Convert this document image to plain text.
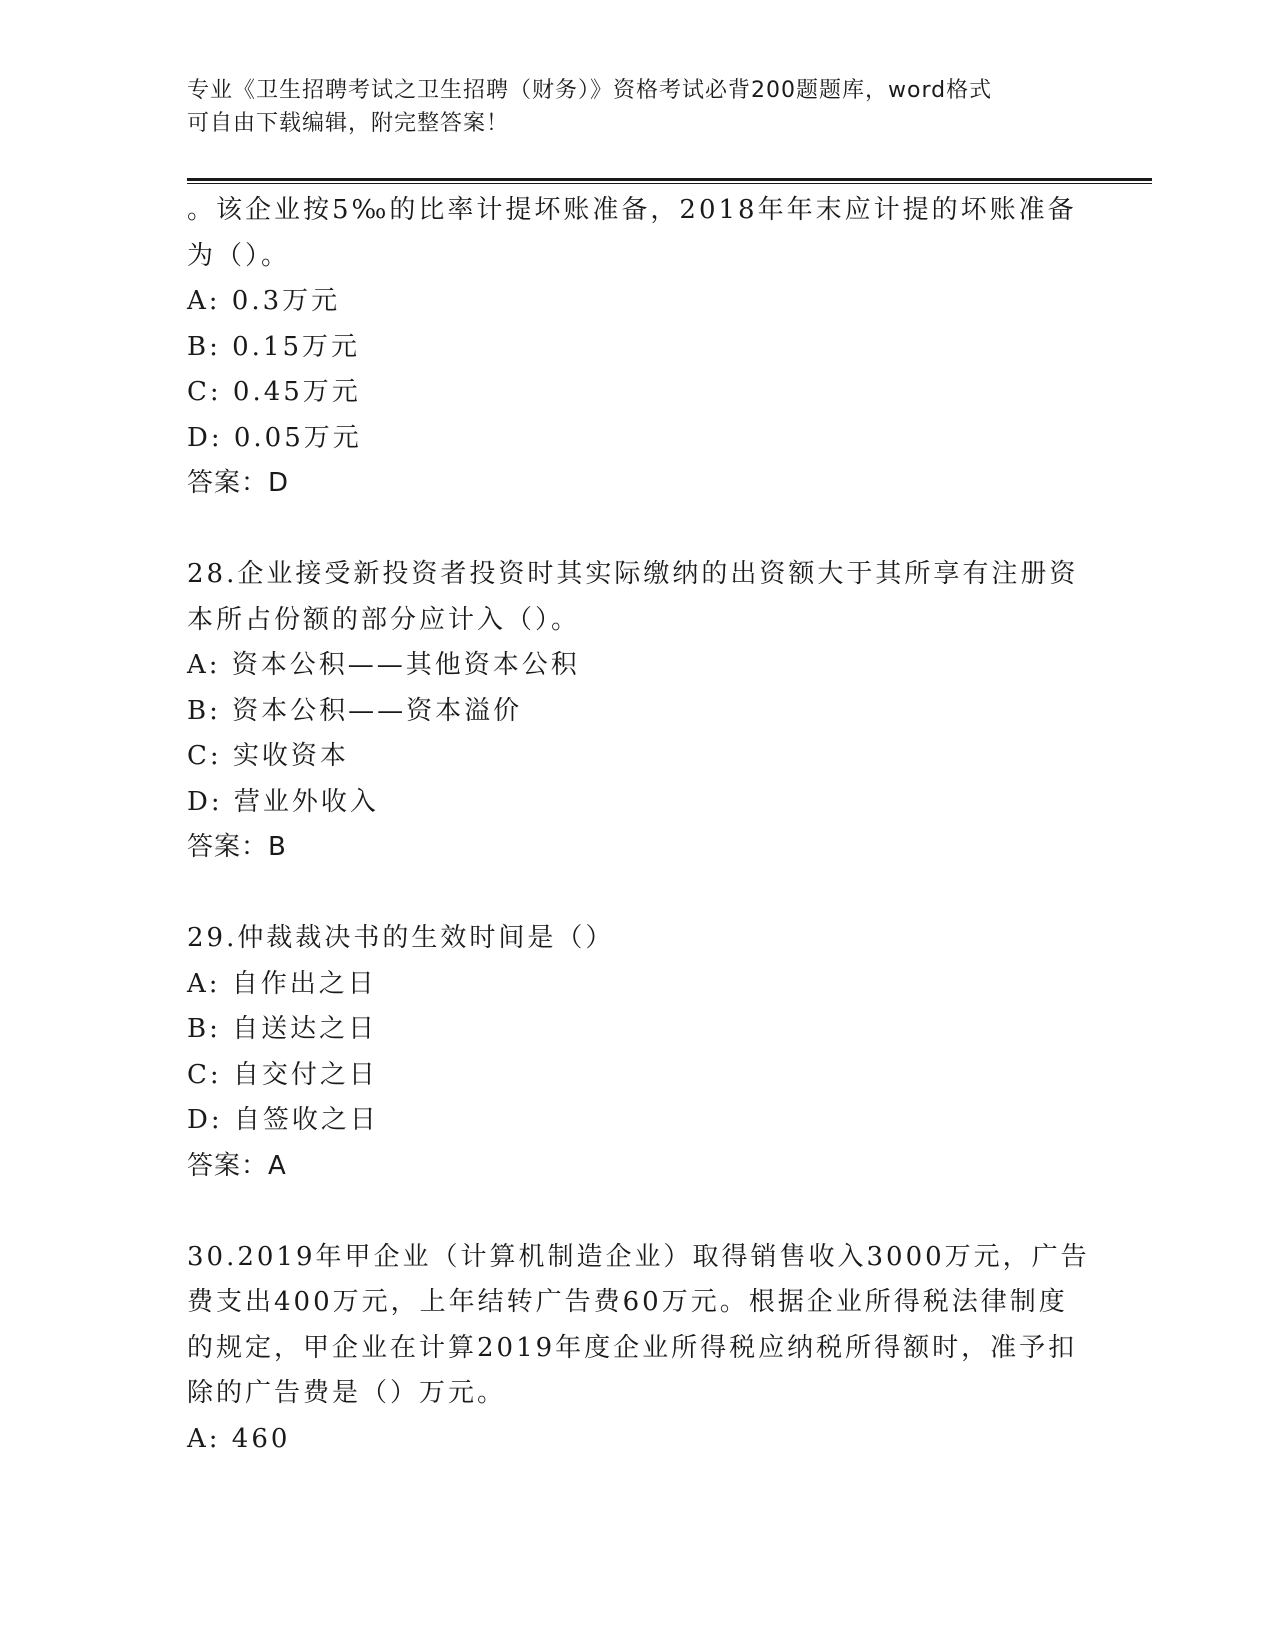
专业《卫生招聘考试之卫生招聘（财务）》资格考试必背200题题库，word格式
可自由下载编辑，附完整答案！
。该企业按5‰的比率计提坏账准备，2018年年末应计提的坏账准备
为（）。
A: 0.3万元
B: 0.15万元
C: 0.45万元
D: 0.05万元
答案：D
28.企业接受新投资者投资时其实际缴纳的出资额大于其所享有注册资
本所占份额的部分应计入（）。
A: 资本公积——其他资本公积
B: 资本公积——资本溢价
C: 实收资本
D: 营业外收入
答案：B
29.仲裁裁决书的生效时间是（）
A: 自作出之日
B: 自送达之日
C: 自交付之日
D: 自签收之日
答案：A
30.2019年甲企业（计算机制造企业）取得销售收入3000万元，广告
费支出400万元，上年结转广告费60万元。根据企业所得税法律制度
的规定，甲企业在计算2019年度企业所得税应纳税所得额时，准予扣
除的广告费是（）万元。
A: 460
